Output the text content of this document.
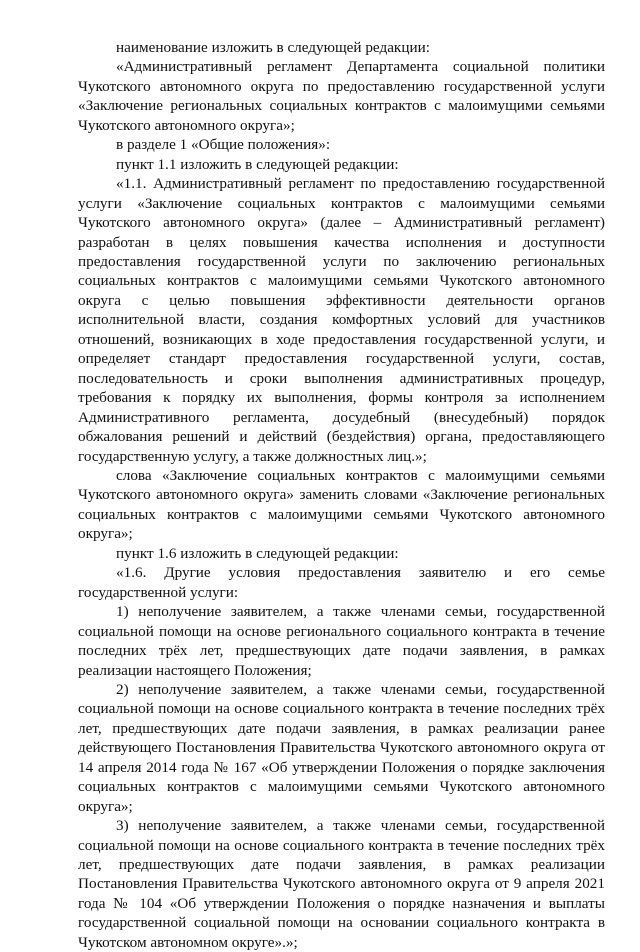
наименование изложить в следующей редакции:

«Административный регламент Департамента социальной политики Чукотского автономного округа по предоставлению государственной услуги «Заключение региональных социальных контрактов с малоимущими семьями Чукотского автономного округа»;

в разделе 1 «Общие положения»:

пункт 1.1 изложить в следующей редакции:

«1.1. Административный регламент по предоставлению государственной услуги «Заключение социальных контрактов с малоимущими семьями Чукотского автономного округа» (далее – Административный регламент) разработан в целях повышения качества исполнения и доступности предоставления государственной услуги по заключению региональных социальных контрактов с малоимущими семьями Чукотского автономного округа с целью повышения эффективности деятельности органов исполнительной власти, создания комфортных условий для участников отношений, возникающих в ходе предоставления государственной услуги, и определяет стандарт предоставления государственной услуги, состав, последовательность и сроки выполнения административных процедур, требования к порядку их выполнения, формы контроля за исполнением Административного регламента, досудебный (внесудебный) порядок обжалования решений и действий (бездействия) органа, предоставляющего государственную услугу, а также должностных лиц.»;

слова «Заключение социальных контрактов с малоимущими семьями Чукотского автономного округа» заменить словами «Заключение региональных социальных контрактов с малоимущими семьями Чукотского автономного округа»;

пункт 1.6 изложить в следующей редакции:

«1.6. Другие условия предоставления заявителю и его семье государственной услуги:

1) неполучение заявителем, а также членами семьи, государственной социальной помощи на основе регионального социального контракта в течение последних трёх лет, предшествующих дате подачи заявления, в рамках реализации настоящего Положения;

2) неполучение заявителем, а также членами семьи, государственной социальной помощи на основе социального контракта в течение последних трёх лет, предшествующих дате подачи заявления, в рамках реализации ранее действующего Постановления Правительства Чукотского автономного округа от 14 апреля 2014 года № 167 «Об утверждении Положения о порядке заключения социальных контрактов с малоимущими семьями Чукотского автономного округа»;

3) неполучение заявителем, а также членами семьи, государственной социальной помощи на основе социального контракта в течение последних трёх лет, предшествующих дате подачи заявления, в рамках реализации Постановления Правительства Чукотского автономного округа от 9 апреля 2021 года № 104 «Об утверждении Положения о порядке назначения и выплаты государственной социальной помощи на основании социального контракта в Чукотском автономном округе».»;
